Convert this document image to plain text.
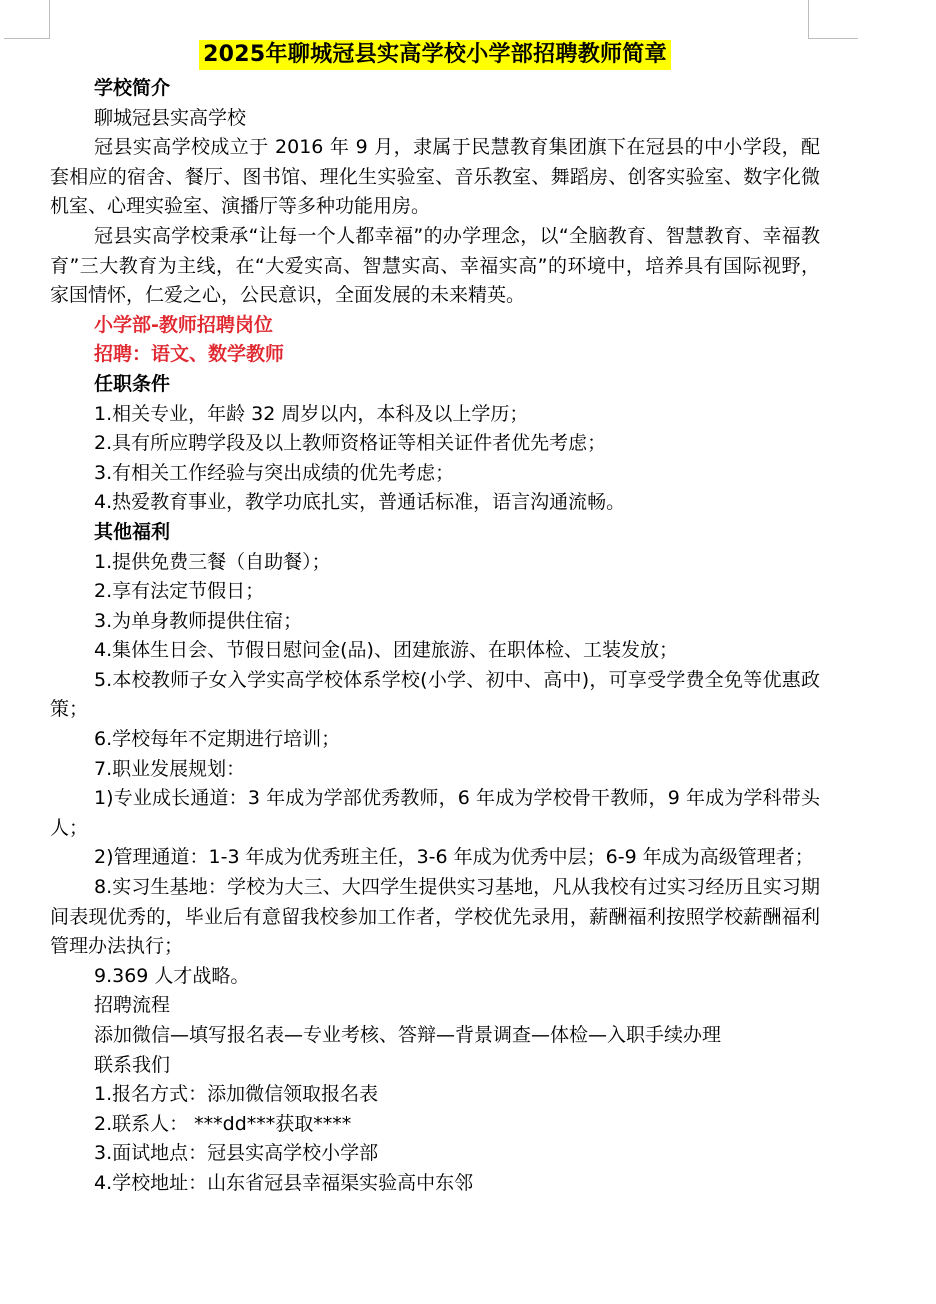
2025年聊城冠县实高学校小学部招聘教师简章
学校简介
聊城冠县实高学校
冠县实高学校成立于 2016 年 9 月，隶属于民慧教育集团旗下在冠县的中小学段，配套相应的宿舍、餐厅、图书馆、理化生实验室、音乐教室、舞蹈房、创客实验室、数字化微机室、心理实验室、演播厅等多种功能用房。
冠县实高学校秉承“让每一个人都幸福”的办学理念，以“全脑教育、智慧教育、幸福教育”三大教育为主线，在“大爱实高、智慧实高、幸福实高”的环境中，培养具有国际视野，家国情怀，仁爱之心，公民意识，全面发展的未来精英。
小学部-教师招聘岗位
招聘：语文、数学教师
任职条件
1.相关专业，年龄 32 周岁以内，本科及以上学历；
2.具有所应聘学段及以上教师资格证等相关证件者优先考虑；
3.有相关工作经验与突出成绩的优先考虑；
4.热爱教育事业，教学功底扎实，普通话标准，语言沟通流畅。
其他福利
1.提供免费三餐（自助餐）；
2.享有法定节假日；
3.为单身教师提供住宿；
4.集体生日会、节假日慰问金(品)、团建旅游、在职体检、工装发放；
5.本校教师子女入学实高学校体系学校(小学、初中、高中)，可享受学费全免等优惠政策；
6.学校每年不定期进行培训；
7.职业发展规划：
1)专业成长通道：3 年成为学部优秀教师，6 年成为学校骨干教师，9 年成为学科带头人；
2)管理通道：1-3 年成为优秀班主任，3-6 年成为优秀中层；6-9 年成为高级管理者；
8.实习生基地：学校为大三、大四学生提供实习基地，凡从我校有过实习经历且实习期间表现优秀的，毕业后有意留我校参加工作者，学校优先录用，薪酬福利按照学校薪酬福利管理办法执行；
9.369 人才战略。
招聘流程
添加微信—填写报名表—专业考核、答辩—背景调查—体检—入职手续办理
联系我们
1.报名方式：添加微信领取报名表
2.联系人： ***dd***获取****
3.面试地点：冠县实高学校小学部
4.学校地址：山东省冠县幸福渠实验高中东邻
